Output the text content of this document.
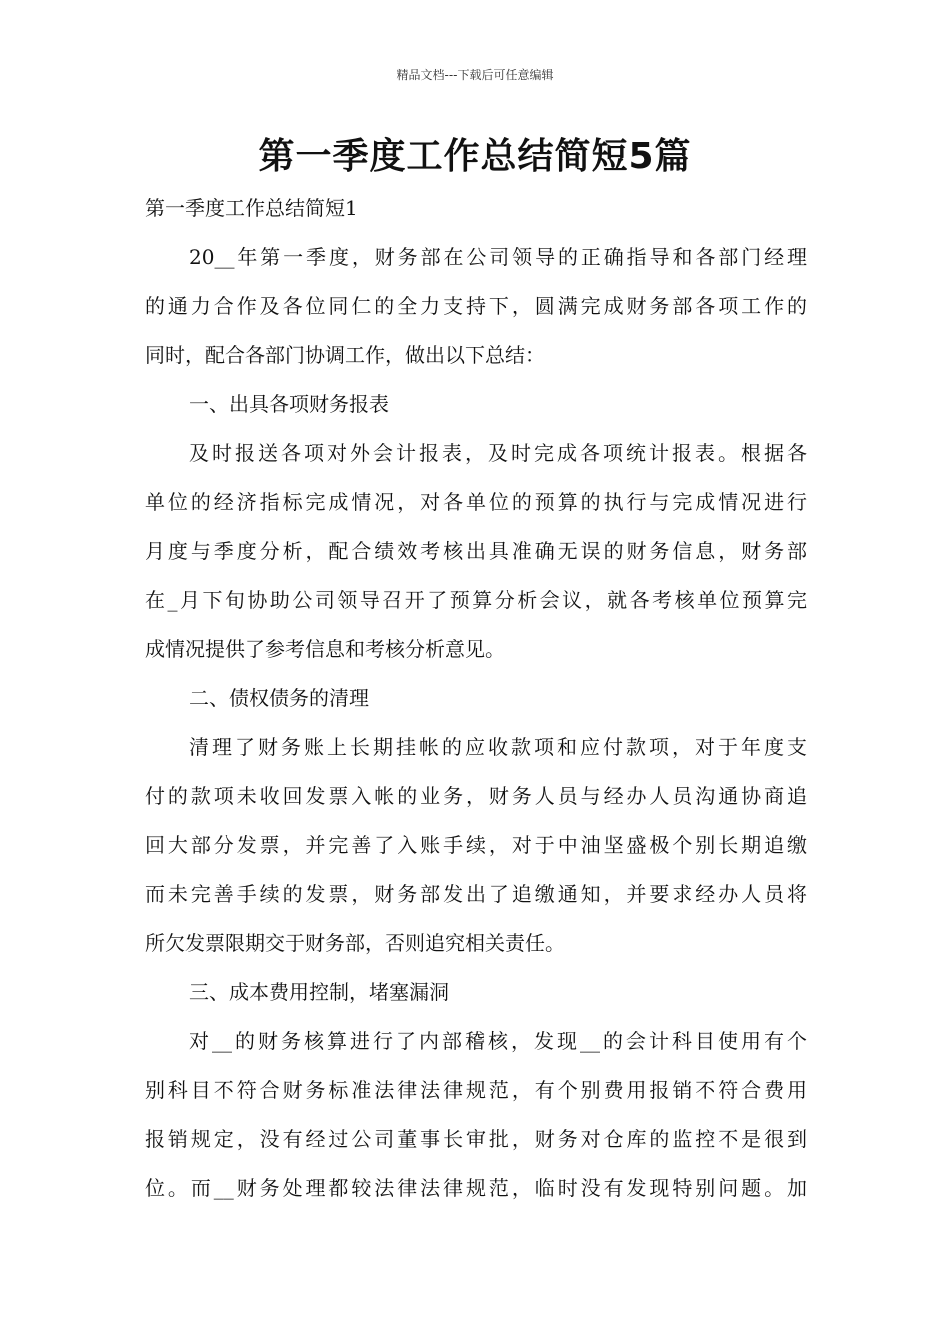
精品文档---下载后可任意编辑
第一季度工作总结简短5篇
第一季度工作总结简短1
20__年第一季度，财务部在公司领导的正确指导和各部门经理
的通力合作及各位同仁的全力支持下，圆满完成财务部各项工作的
同时，配合各部门协调工作，做出以下总结：
一、出具各项财务报表
及时报送各项对外会计报表，及时完成各项统计报表。根据各
单位的经济指标完成情况，对各单位的预算的执行与完成情况进行
月度与季度分析，配合绩效考核出具准确无误的财务信息，财务部
在_月下旬协助公司领导召开了预算分析会议，就各考核单位预算完
成情况提供了参考信息和考核分析意见。
二、债权债务的清理
清理了财务账上长期挂帐的应收款项和应付款项，对于年度支
付的款项未收回发票入帐的业务，财务人员与经办人员沟通协商追
回大部分发票，并完善了入账手续，对于中油坚盛极个别长期追缴
而未完善手续的发票，财务部发出了追缴通知，并要求经办人员将
所欠发票限期交于财务部，否则追究相关责任。
三、成本费用控制，堵塞漏洞
对__的财务核算进行了内部稽核，发现__的会计科目使用有个
别科目不符合财务标准法律法律规范，有个别费用报销不符合费用
报销规定，没有经过公司董事长审批，财务对仓库的监控不是很到
位。而__财务处理都较法律法律规范，临时没有发现特别问题。加
